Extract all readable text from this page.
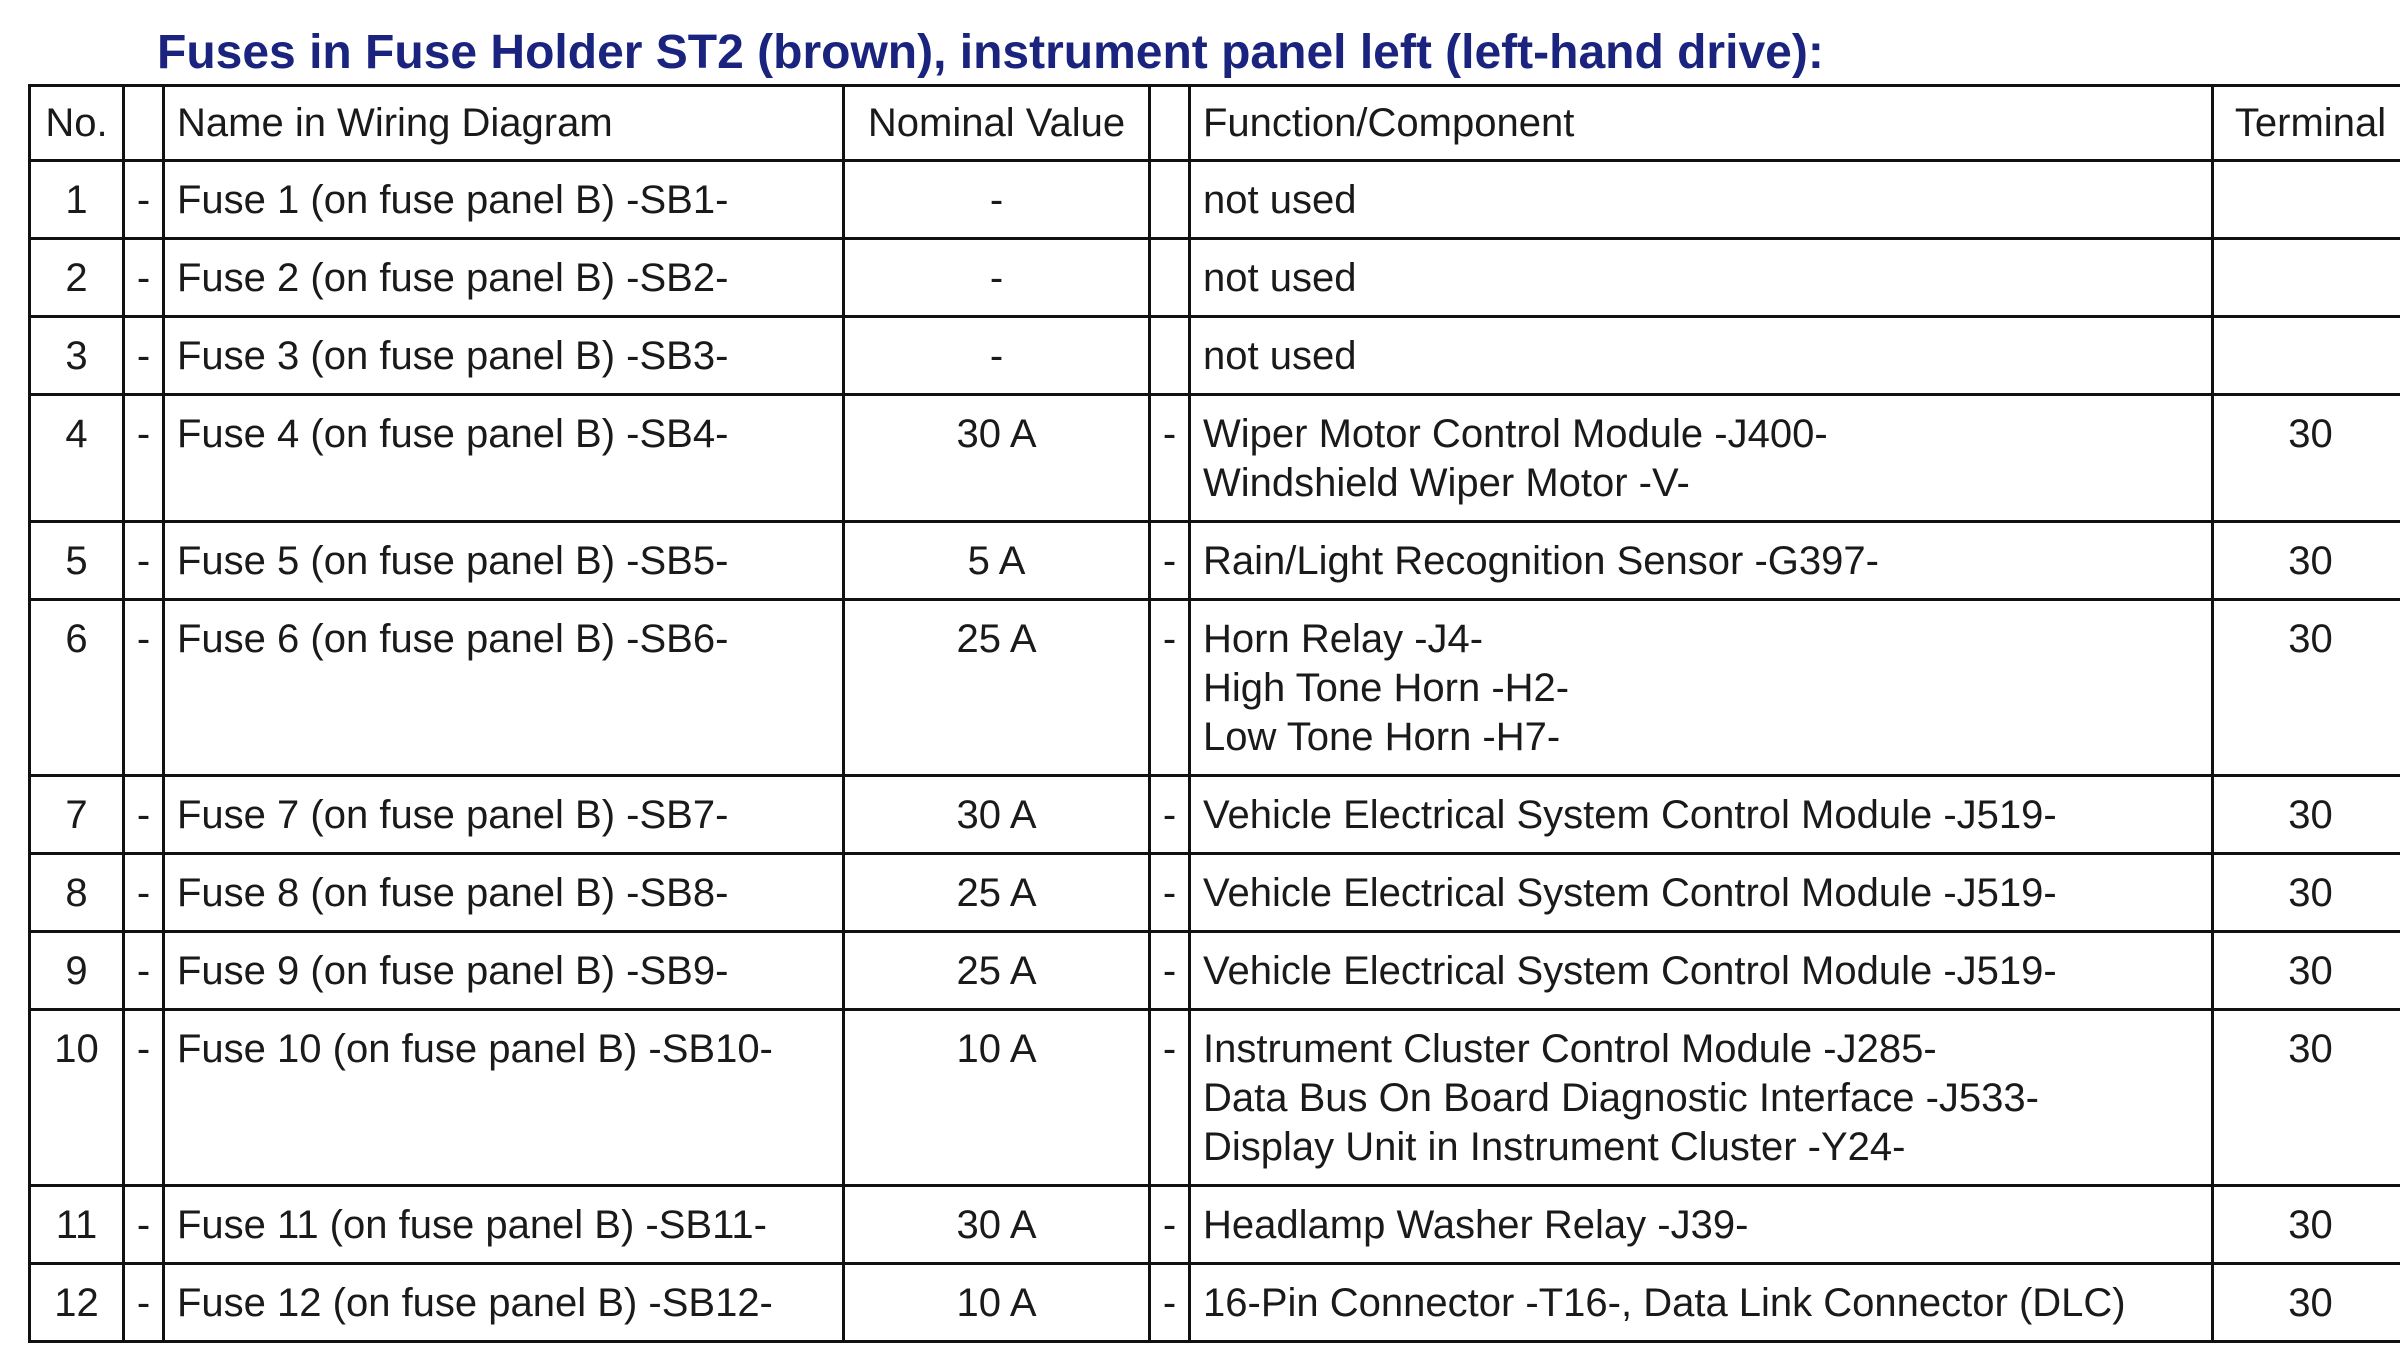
Fuses in Fuse Holder ST2 (brown), instrument panel left (left-hand drive):
No.		Name in Wiring Diagram	Nominal Value		Function/Component	Terminal
1	-	Fuse 1 (on fuse panel B) -SB1-	-		not used	

2	-	Fuse 2 (on fuse panel B) -SB2-	-		not used	

3	-	Fuse 3 (on fuse panel B) -SB3-	-		not used	

4	-	Fuse 4 (on fuse panel B) -SB4-	30 A	-	Wiper Motor Control Module -J400-
Windshield Wiper Motor -V-	30
5	-	Fuse 5 (on fuse panel B) -SB5-	5 A	-	Rain/Light Recognition Sensor -G397-	30
6	-	Fuse 6 (on fuse panel B) -SB6-	25 A	-	Horn Relay -J4-
High Tone Horn -H2-
Low Tone Horn -H7-	30
7	-	Fuse 7 (on fuse panel B) -SB7-	30 A	-	Vehicle Electrical System Control Module -J519-	30
8	-	Fuse 8 (on fuse panel B) -SB8-	25 A	-	Vehicle Electrical System Control Module -J519-	30
9	-	Fuse 9 (on fuse panel B) -SB9-	25 A	-	Vehicle Electrical System Control Module -J519-	30
10	-	Fuse 10 (on fuse panel B) -SB10-	10 A	-	Instrument Cluster Control Module -J285-
Data Bus On Board Diagnostic Interface -J533-
Display Unit in Instrument Cluster -Y24-	30
11	-	Fuse 11 (on fuse panel B) -SB11-	30 A	-	Headlamp Washer Relay -J39-	30
12	-	Fuse 12 (on fuse panel B) -SB12-	10 A	-	16-Pin Connector -T16-, Data Link Connector (DLC)	30
